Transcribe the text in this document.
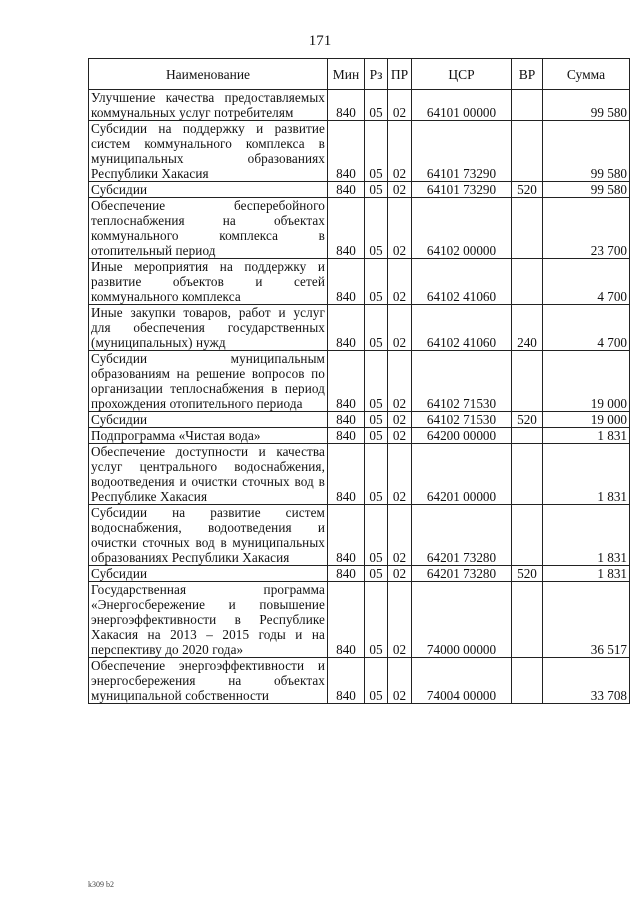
171
Наименование	Мин	Рз	ПР	ЦСР	ВР	Сумма
Улучшение качества предоставляемых коммунальных услуг потребителям	840	05	02	64101 00000		99 580
Субсидии на поддержку и развитие систем коммунального комплекса в муниципальных образованиях Республики Хакасия	840	05	02	64101 73290		99 580
Субсидии	840	05	02	64101 73290	520	99 580
Обеспечение бесперебойного теплоснабжения на объектах коммунального комплекса в отопительный период	840	05	02	64102 00000		23 700
Иные мероприятия на поддержку и развитие объектов и сетей коммунального комплекса	840	05	02	64102 41060		4 700
Иные закупки товаров, работ и услуг для обеспечения государственных (муниципальных) нужд	840	05	02	64102 41060	240	4 700
Субсидии муниципальным образованиям на решение вопросов по организации теплоснабжения в период прохождения отопительного периода	840	05	02	64102 71530		19 000
Субсидии	840	05	02	64102 71530	520	19 000
Подпрограмма «Чистая вода»	840	05	02	64200 00000		1 831
Обеспечение доступности и качества услуг центрального водоснабжения, водоотведения и очистки сточных вод в Республике Хакасия	840	05	02	64201 00000		1 831
Субсидии на развитие систем водоснабжения, водоотведения и очистки сточных вод в муниципальных образованиях Республики Хакасия	840	05	02	64201 73280		1 831
Субсидии	840	05	02	64201 73280	520	1 831
Государственная программа «Энергосбережение и повышение энергоэффективности в Республике Хакасия на 2013 – 2015 годы и на перспективу до 2020 года»	840	05	02	74000 00000		36 517
Обеспечение энергоэффективности и энергосбережения на объектах муниципальной собственности	840	05	02	74004 00000		33 708
k309 b2
